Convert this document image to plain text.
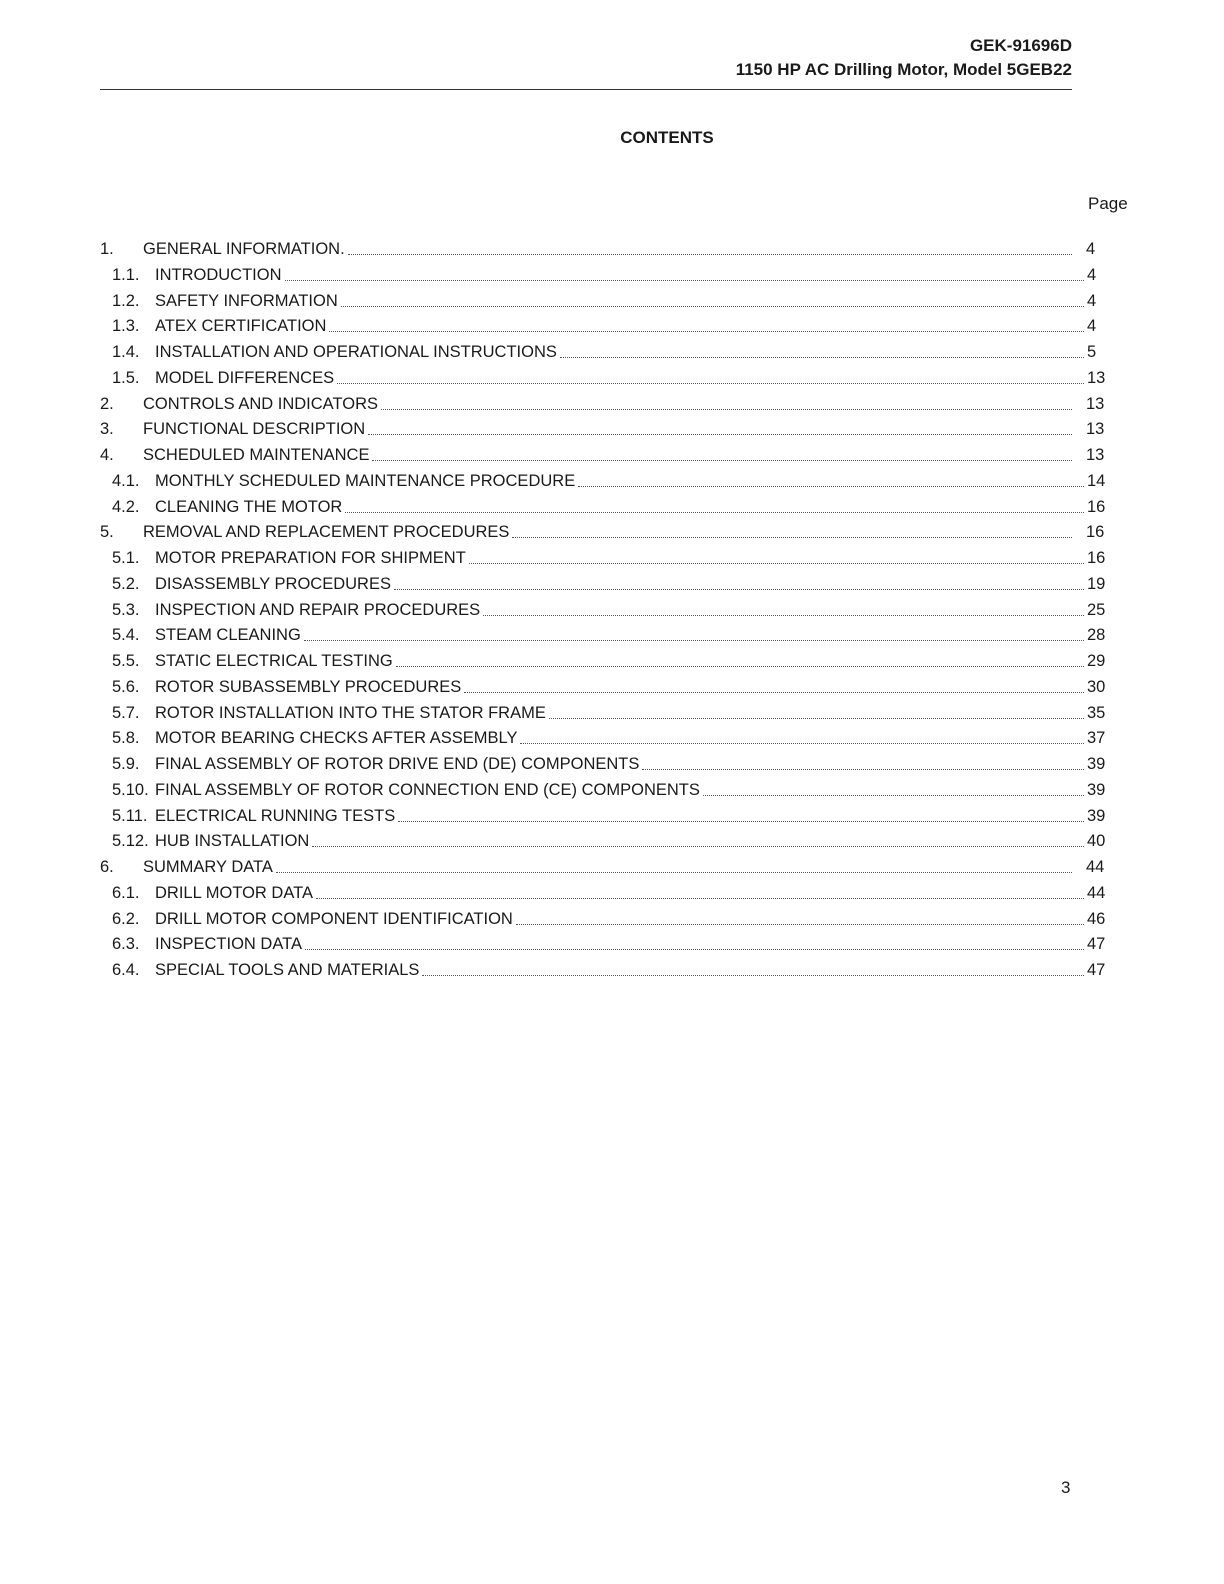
GEK-91696D
1150 HP AC Drilling Motor, Model 5GEB22
CONTENTS
Page
1. GENERAL INFORMATION.	4
1.1. INTRODUCTION	4
1.2. SAFETY INFORMATION	4
1.3. ATEX CERTIFICATION	4
1.4. INSTALLATION AND OPERATIONAL INSTRUCTIONS	5
1.5. MODEL DIFFERENCES	13
2. CONTROLS AND INDICATORS	13
3. FUNCTIONAL DESCRIPTION	13
4. SCHEDULED MAINTENANCE	13
4.1. MONTHLY SCHEDULED MAINTENANCE PROCEDURE	14
4.2. CLEANING THE MOTOR	16
5. REMOVAL AND REPLACEMENT PROCEDURES	16
5.1. MOTOR PREPARATION FOR SHIPMENT	16
5.2. DISASSEMBLY PROCEDURES	19
5.3. INSPECTION AND REPAIR PROCEDURES	25
5.4. STEAM CLEANING	28
5.5. STATIC ELECTRICAL TESTING	29
5.6. ROTOR SUBASSEMBLY PROCEDURES	30
5.7. ROTOR INSTALLATION INTO THE STATOR FRAME	35
5.8. MOTOR BEARING CHECKS AFTER ASSEMBLY	37
5.9. FINAL ASSEMBLY OF ROTOR DRIVE END (DE) COMPONENTS	39
5.10. FINAL ASSEMBLY OF ROTOR CONNECTION END (CE) COMPONENTS	39
5.11. ELECTRICAL RUNNING TESTS	39
5.12. HUB INSTALLATION	40
6. SUMMARY DATA	44
6.1. DRILL MOTOR DATA	44
6.2. DRILL MOTOR COMPONENT IDENTIFICATION	46
6.3. INSPECTION DATA	47
6.4. SPECIAL TOOLS AND MATERIALS	47
3
